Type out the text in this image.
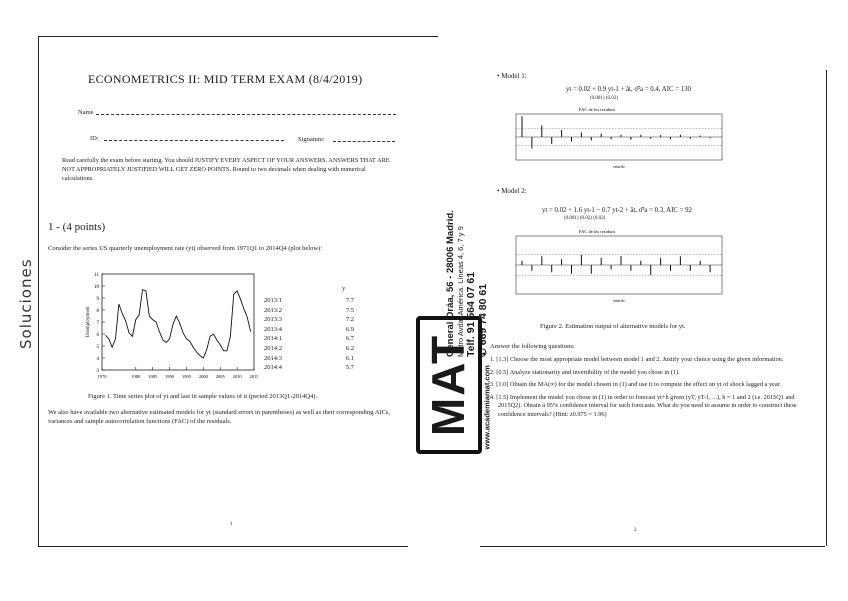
Soluciones
ECONOMETRICS II: MID TERM EXAM (8/4/2019)
Name
ID:	Signature:
Read carefully the exam before starting. You should JUSTIFY EVERY ASPECT OF YOUR ANSWERS. ANSWERS THAT ARE NOT APPROPRIATELY JUSTIFIED WILL GET ZERO POINTS. Round to two decimals when dealing with numerical calculations.
1 - (4 points)
Consider the series US quarterly unemployment rate (yt) observed from 1971Q1 to 2014Q4 (plot below):
11
10
9
8
7
6
5
4
3
1970	1980 1985 1990 1995 2000 2005 2010 2015
Unemployment
y
2013:1	7.7
2013:2	7.5
2013:3	7.2
2013:4	6.9
2014:1	6.7
2014:2	6.2
2014:3	6.1
2014:4	5.7
Figure 1. Time series plot of yt and last in sample values of it (period 2013Q1-2014Q4).
We also have available two alternative estimated models for yt (standard errors in parentheses) as well as their corresponding AICs, variances and sample autocorrelation functions (FAC) of the residuals.
1
General Oráa, 56 - 28006 Madrid. Metro Avda. América. Líneas 4, 6, 7 y 9 Telf. 91 564 07 61 ✆ 669 74 80 61
MAT	www.academiamat.com
• Model 1:
yt = 0.02 + 0.9 yt-1 + ât, σ̂²a = 0.4, AIC = 130
(0.001) (0.02)
FAC de los residuos
retardo
• Model 2:
yt = 0.02 + 1.6 yt-1 − 0.7 yt-2 + ât, σ̂²a = 0.3, AIC = 92
(0.001) (0.02) (0.02)
FAC de los residuos
retardo
Figure 2. Estimation output of alternative models for yt.
Answer the following questions:
1. [1.3] Choose the most appropriate model between model 1 and 2. Justify your choice using the given information.
2. [0.5] Analyze stationarity and invertibility of the model you chose in (1).
3. [1.0] Obtain the MA(∞) for the model chosen in (1) and use it to compute the effect on yt of shock lagged a year.
4. [1.5] Implement the model you chose in (1) in order to forecast yt+h given (yT, yT-1, ...), h = 1 and 2 (i.e. 2015Q1 and 2015Q2). Obtain a 95% confidence interval for such forecasts. What do you need to assume in order to construct these confidence intervals? (Hint: z0.975 = 1.96)
2
